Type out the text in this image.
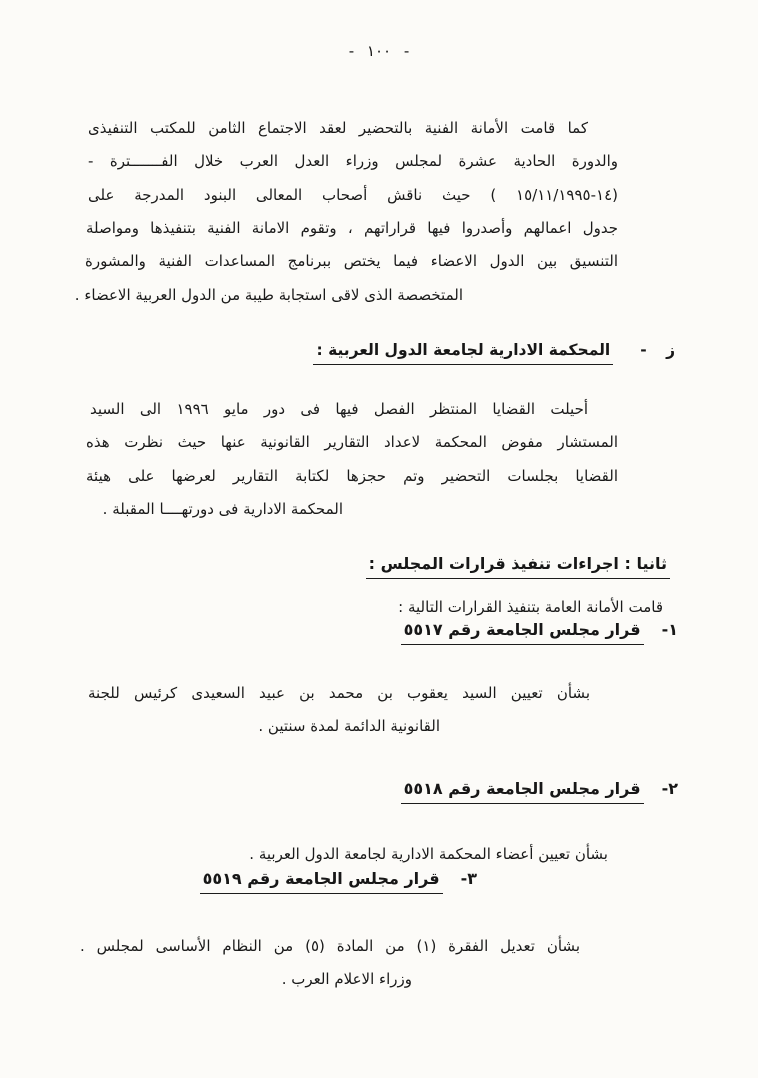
- ١٠٠ -
كما قامت الأمانة الفنية بالتحضير لعقد الاجتماع الثامن للمكتب التنفيذى
والدورة الحادية عشرة لمجلس وزراء العدل العرب خلال الفـــــــترة -
(١٤-١٥/١١/١٩٩٥ ) حيث ناقش أصحاب المعالى البنود المدرجة على
جدول اعمالهم وأصدروا فيها قراراتهم ، وتقوم الامانة الفنية بتنفيذها ومواصلة
التنسيق بين الدول الاعضاء فيما يختص ببرنامج المساعدات الفنية والمشورة
المتخصصة الذى لاقى استجابة طيبة من الدول العربية الاعضاء .
ز -المحكمة الادارية لجامعة الدول العربية :
أحيلت القضايا المنتظر الفصل فيها فى دور مايو ١٩٩٦ الى السيد
المستشار مفوض المحكمة لاعداد التقارير القانونية عنها حيث نظرت هذه
القضايا بجلسات التحضير وتم حجزها لكتابة التقارير لعرضها على هيئة
المحكمة الادارية فى دورتهــــا المقبلة .
ثانيا : اجراءات تنفيذ قرارات المجلس :
قامت الأمانة العامة بتنفيذ القرارات التالية :
١-قرار مجلس الجامعة رقم ٥٥١٧
بشأن تعيين السيد يعقوب بن محمد بن عبيد السعيدى كرئيس للجنة
القانونية الدائمة لمدة سنتين .
٢-قرار مجلس الجامعة رقم ٥٥١٨
بشأن تعيين أعضاء المحكمة الادارية لجامعة الدول العربية .
٣-قرار مجلس الجامعة رقم ٥٥١٩
بشأن تعديل الفقرة (١) من المادة (٥) من النظام الأساسى لمجلس .
وزراء الاعلام العرب .
